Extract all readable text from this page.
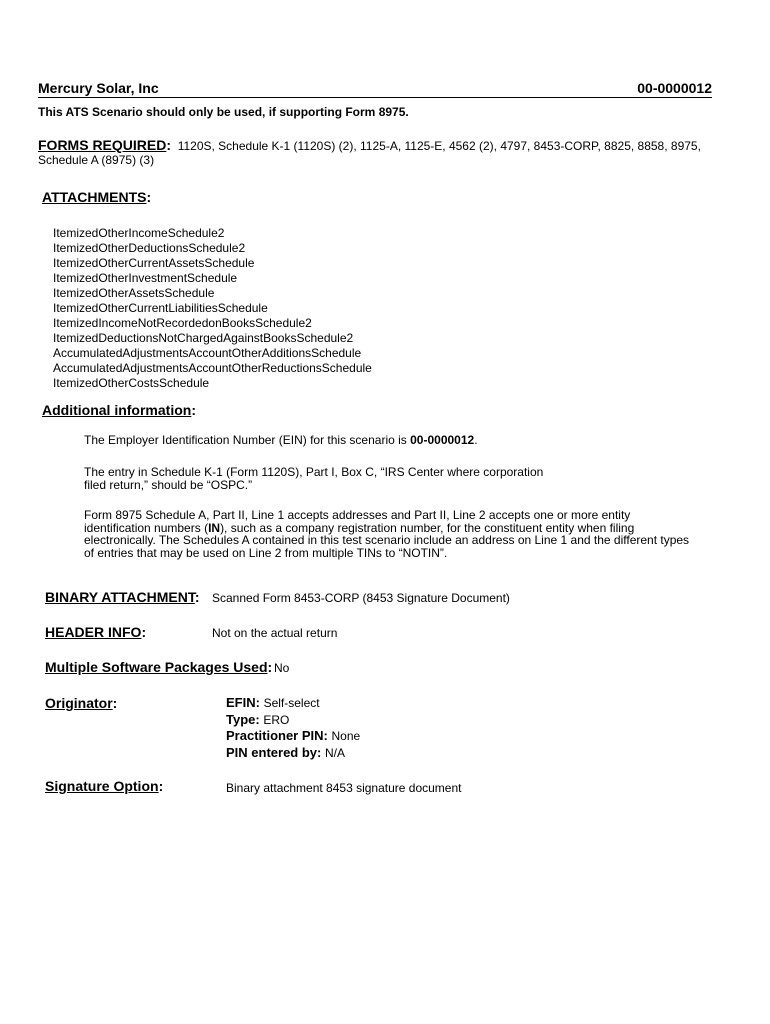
Mercury Solar, Inc	00-0000012
This ATS Scenario should only be used, if supporting Form 8975.
FORMS REQUIRED: 1120S, Schedule K-1 (1120S) (2), 1125-A, 1125-E, 4562 (2), 4797, 8453-CORP, 8825, 8858, 8975, Schedule A (8975) (3)
ATTACHMENTS:
ItemizedOtherIncomeSchedule2
ItemizedOtherDeductionsSchedule2
ItemizedOtherCurrentAssetsSchedule
ItemizedOtherInvestmentSchedule
ItemizedOtherAssetsSchedule
ItemizedOtherCurrentLiabilitiesSchedule
ItemizedIncomeNotRecordedonBooksSchedule2
ItemizedDeductionsNotChargedAgainstBooksSchedule2
AccumulatedAdjustmentsAccountOtherAdditionsSchedule
AccumulatedAdjustmentsAccountOtherReductionsSchedule
ItemizedOtherCostsSchedule
Additional information:
The Employer Identification Number (EIN) for this scenario is 00-0000012.
The entry in Schedule K-1 (Form 1120S), Part I, Box C, “IRS Center where corporation
filed return,” should be “OSPC.”
Form 8975 Schedule A, Part II, Line 1 accepts addresses and Part II, Line 2 accepts one or more entity identification numbers (IN), such as a company registration number, for the constituent entity when filing electronically. The Schedules A contained in this test scenario include an address on Line 1 and the different types of entries that may be used on Line 2 from multiple TINs to “NOTIN”.
BINARY ATTACHMENT: Scanned Form 8453-CORP (8453 Signature Document)
HEADER INFO:	Not on the actual return
Multiple Software Packages Used: No
Originator:	EFIN: Self-select
Type: ERO
Practitioner PIN: None
PIN entered by: N/A
Signature Option:	Binary attachment 8453 signature document
